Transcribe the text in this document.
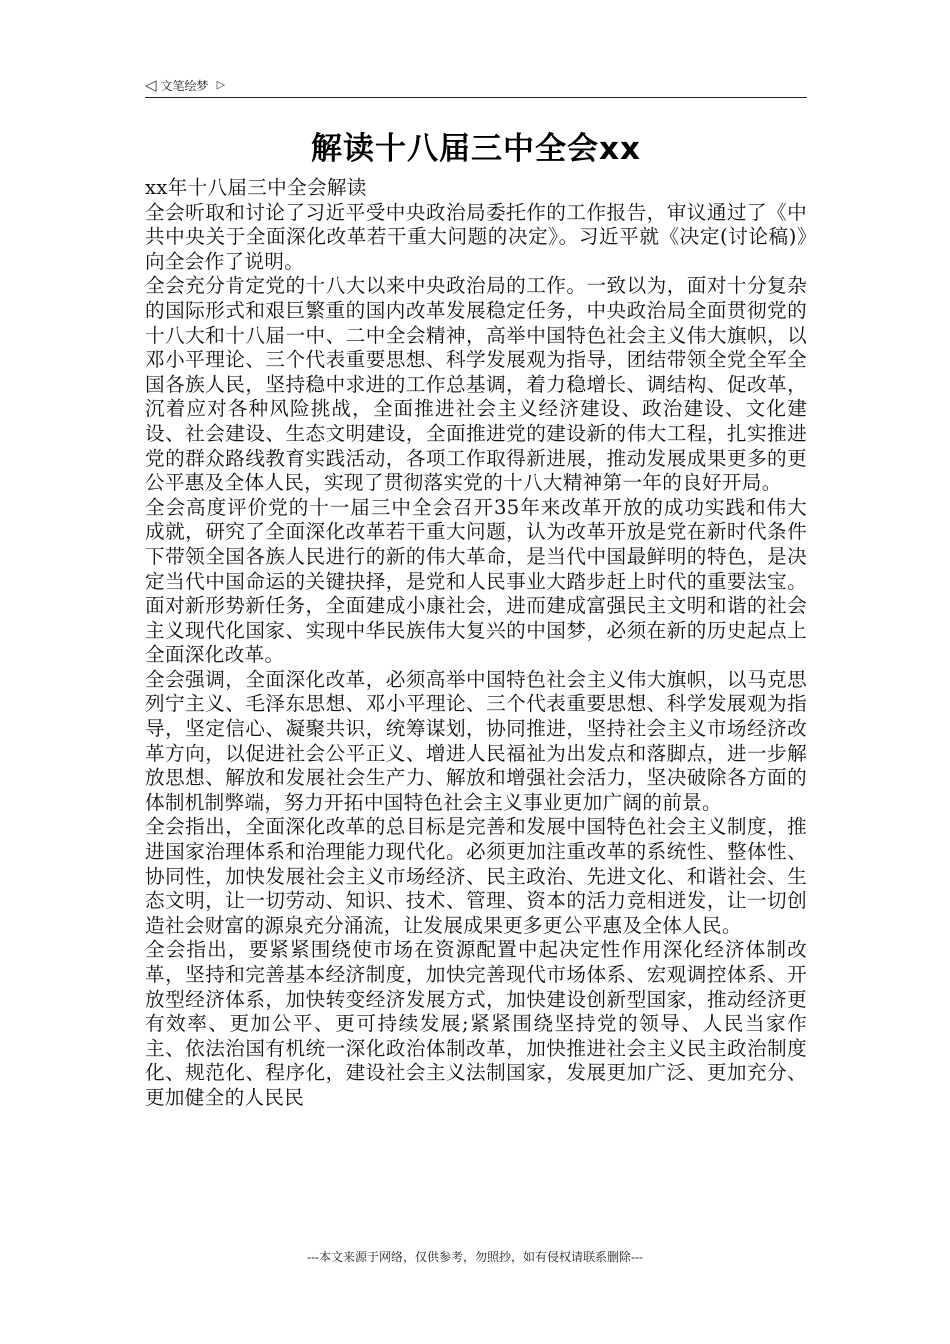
◁ 文笔绘梦 ▷
解读十八届三中全会xx

xx年十八届三中全会解读

全会听取和讨论了习近平受中央政治局委托作的工作报告，审议通过了《中共中央关于全面深化改革若干重大问题的决定》。习近平就《决定(讨论稿)》向全会作了说明。

全会充分肯定党的十八大以来中央政治局的工作。一致以为，面对十分复杂的国际形式和艰巨繁重的国内改革发展稳定任务，中央政治局全面贯彻党的十八大和十八届一中、二中全会精神，高举中国特色社会主义伟大旗帜，以邓小平理论、三个代表重要思想、科学发展观为指导，团结带领全党全军全国各族人民，坚持稳中求进的工作总基调，着力稳增长、调结构、促改革，沉着应对各种风险挑战，全面推进社会主义经济建设、政治建设、文化建设、社会建设、生态文明建设，全面推进党的建设新的伟大工程，扎实推进党的群众路线教育实践活动，各项工作取得新进展，推动发展成果更多的更公平惠及全体人民，实现了贯彻落实党的十八大精神第一年的良好开局。

全会高度评价党的十一届三中全会召开35年来改革开放的成功实践和伟大成就，研究了全面深化改革若干重大问题，认为改革开放是党在新时代条件下带领全国各族人民进行的新的伟大革命，是当代中国最鲜明的特色，是决定当代中国命运的关键抉择，是党和人民事业大踏步赶上时代的重要法宝。面对新形势新任务，全面建成小康社会，进而建成富强民主文明和谐的社会主义现代化国家、实现中华民族伟大复兴的中国梦，必须在新的历史起点上全面深化改革。

全会强调，全面深化改革，必须高举中国特色社会主义伟大旗帜，以马克思列宁主义、毛泽东思想、邓小平理论、三个代表重要思想、科学发展观为指导，坚定信心、凝聚共识，统筹谋划，协同推进，坚持社会主义市场经济改革方向，以促进社会公平正义、增进人民福祉为出发点和落脚点，进一步解放思想、解放和发展社会生产力、解放和增强社会活力，坚决破除各方面的体制机制弊端，努力开拓中国特色社会主义事业更加广阔的前景。

全会指出，全面深化改革的总目标是完善和发展中国特色社会主义制度，推进国家治理体系和治理能力现代化。必须更加注重改革的系统性、整体性、协同性，加快发展社会主义市场经济、民主政治、先进文化、和谐社会、生态文明，让一切劳动、知识、技术、管理、资本的活力竞相迸发，让一切创造社会财富的源泉充分涌流，让发展成果更多更公平惠及全体人民。

全会指出，要紧紧围绕使市场在资源配置中起决定性作用深化经济体制改革，坚持和完善基本经济制度，加快完善现代市场体系、宏观调控体系、开放型经济体系，加快转变经济发展方式，加快建设创新型国家，推动经济更有效率、更加公平、更可持续发展;紧紧围绕坚持党的领导、人民当家作主、依法治国有机统一深化政治体制改革，加快推进社会主义民主政治制度化、规范化、程序化，建设社会主义法制国家，发展更加广泛、更加充分、更加健全的人民民

---本文来源于网络，仅供参考，勿照抄，如有侵权请联系删除---
